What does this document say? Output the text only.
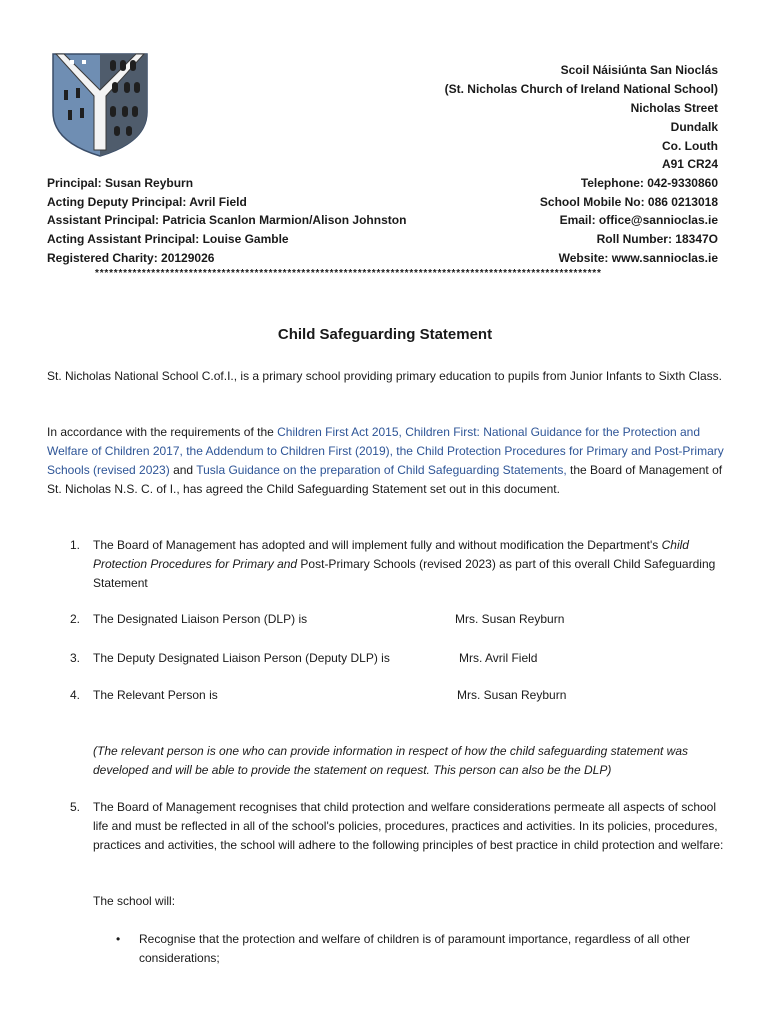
Scoil Náisiúnta San Nioclás
(St. Nicholas Church of Ireland National School)
Nicholas Street
Dundalk
Co. Louth
A91 CR24
Telephone: 042-9330860
School Mobile No: 086 0213018
Email: office@sannioclas.ie
Roll Number: 18347O
Website: www.sannioclas.ie
Principal: Susan Reyburn
Acting Deputy Principal: Avril Field
Assistant Principal: Patricia Scanlon Marmion/Alison Johnston
Acting Assistant Principal: Louise Gamble
Registered Charity: 20129026
************************************************************************************************************
Child Safeguarding Statement
St. Nicholas National School C.of.I., is a primary school providing primary education to pupils from Junior Infants to Sixth Class.
In accordance with the requirements of the Children First Act 2015, Children First: National Guidance for the Protection and Welfare of Children 2017, the Addendum to Children First (2019), the Child Protection Procedures for Primary and Post-Primary Schools (revised 2023) and Tusla Guidance on the preparation of Child Safeguarding Statements, the Board of Management of St. Nicholas N.S. C. of I., has agreed the Child Safeguarding Statement set out in this document.
1. The Board of Management has adopted and will implement fully and without modification the Department's Child Protection Procedures for Primary and Post-Primary Schools (revised 2023) as part of this overall Child Safeguarding Statement
2. The Designated Liaison Person (DLP) is	Mrs. Susan Reyburn
3. The Deputy Designated Liaison Person (Deputy DLP) is	Mrs. Avril Field
4. The Relevant Person is	Mrs. Susan Reyburn
(The relevant person is one who can provide information in respect of how the child safeguarding statement was developed and will be able to provide the statement on request. This person can also be the DLP)
5. The Board of Management recognises that child protection and welfare considerations permeate all aspects of school life and must be reflected in all of the school's policies, procedures, practices and activities. In its policies, procedures, practices and activities, the school will adhere to the following principles of best practice in child protection and welfare:
The school will:
• Recognise that the protection and welfare of children is of paramount importance, regardless of all other considerations;
